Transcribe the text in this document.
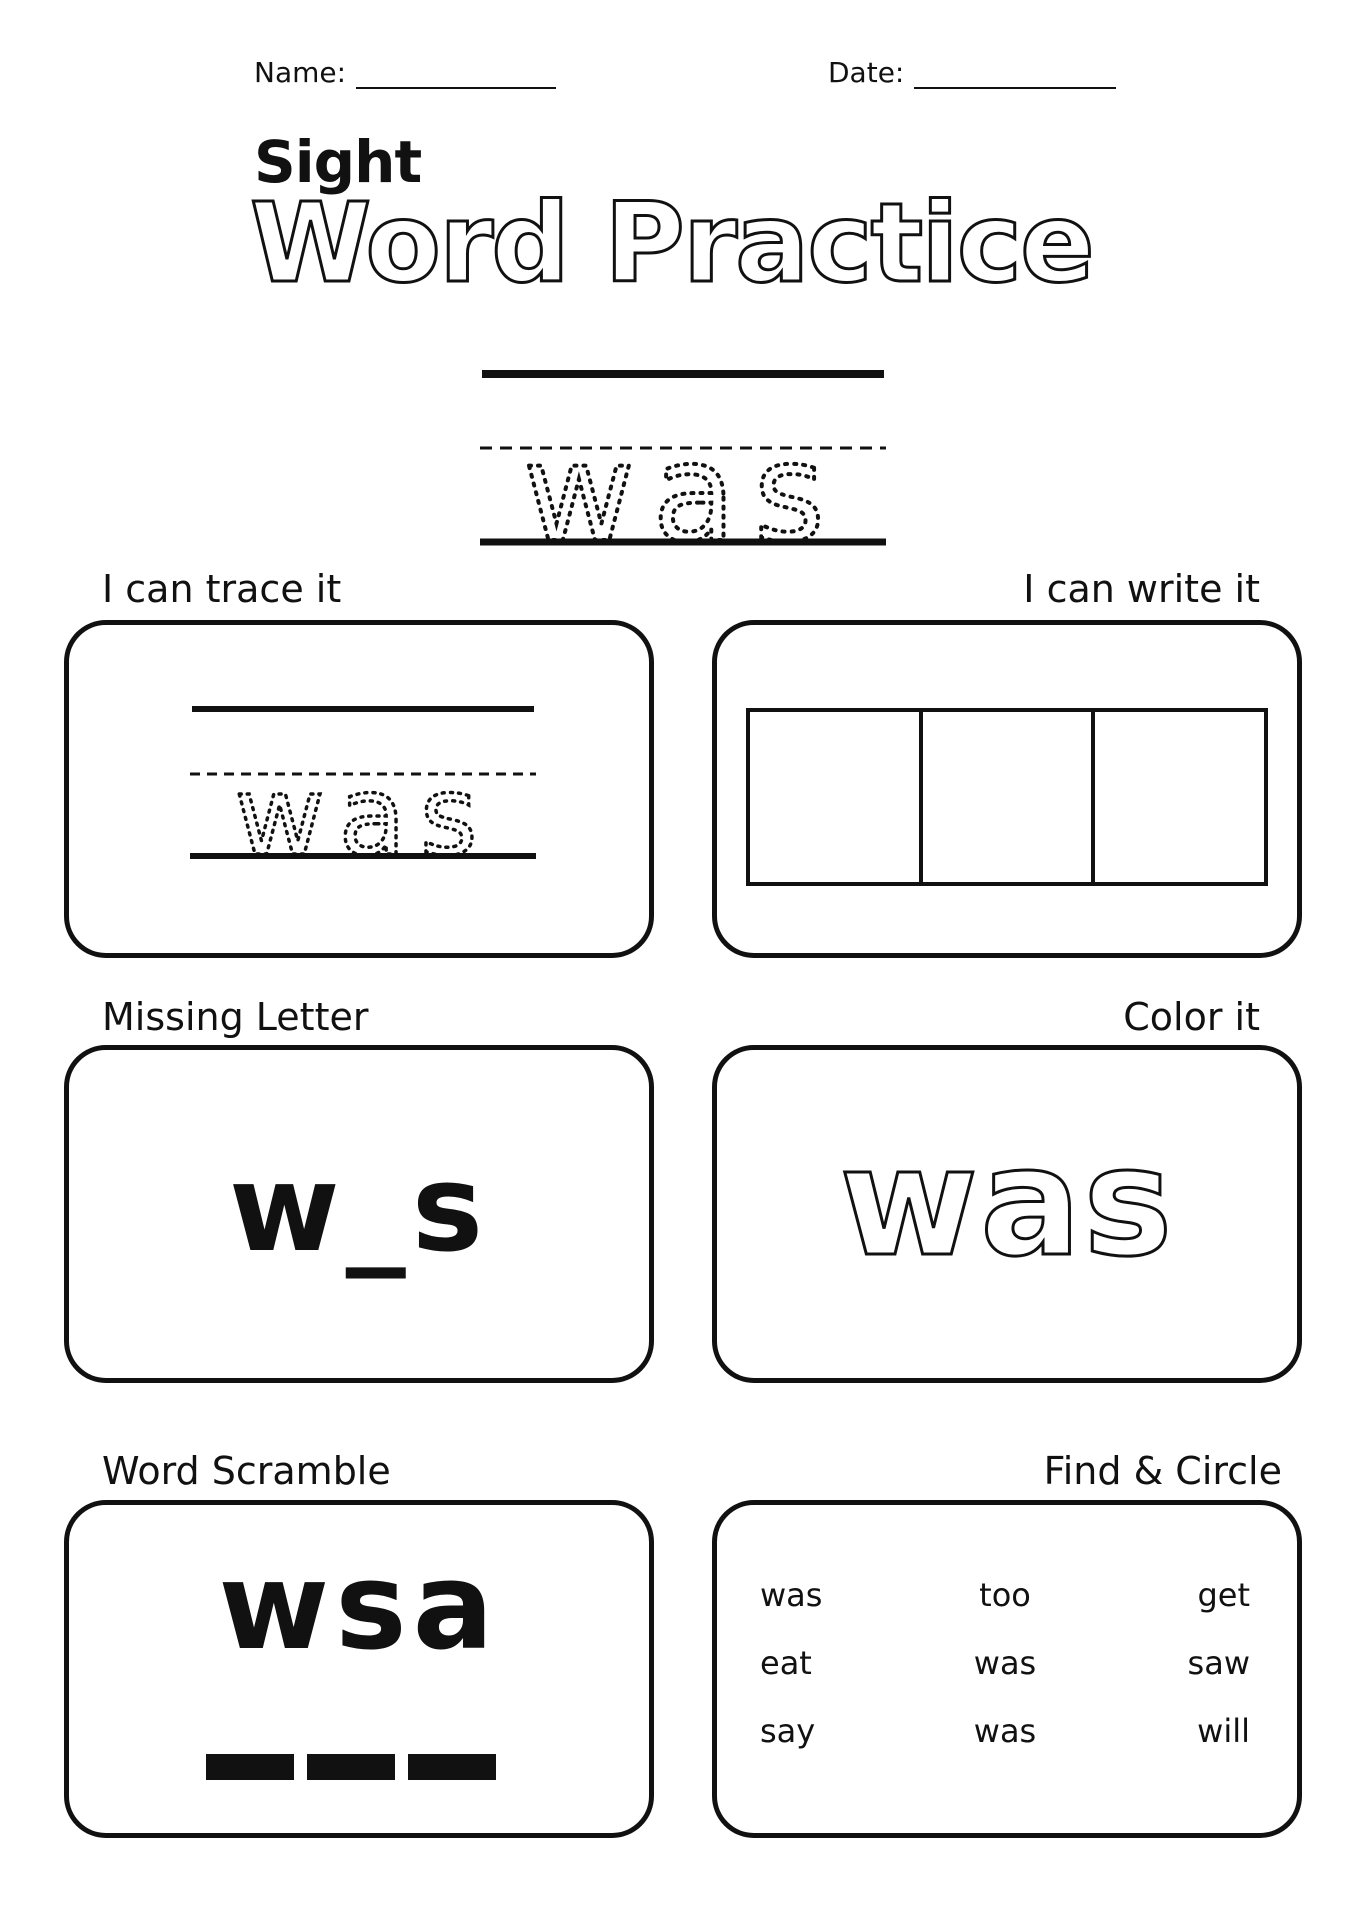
Name:	Date:
Sight
Word Practice
was
I can trace it	I can write it
was
Missing Letter	Color it
w_s	was
Word Scramble	Find & Circle
wsa	was	too	get
eat	was	saw
say	was	will
